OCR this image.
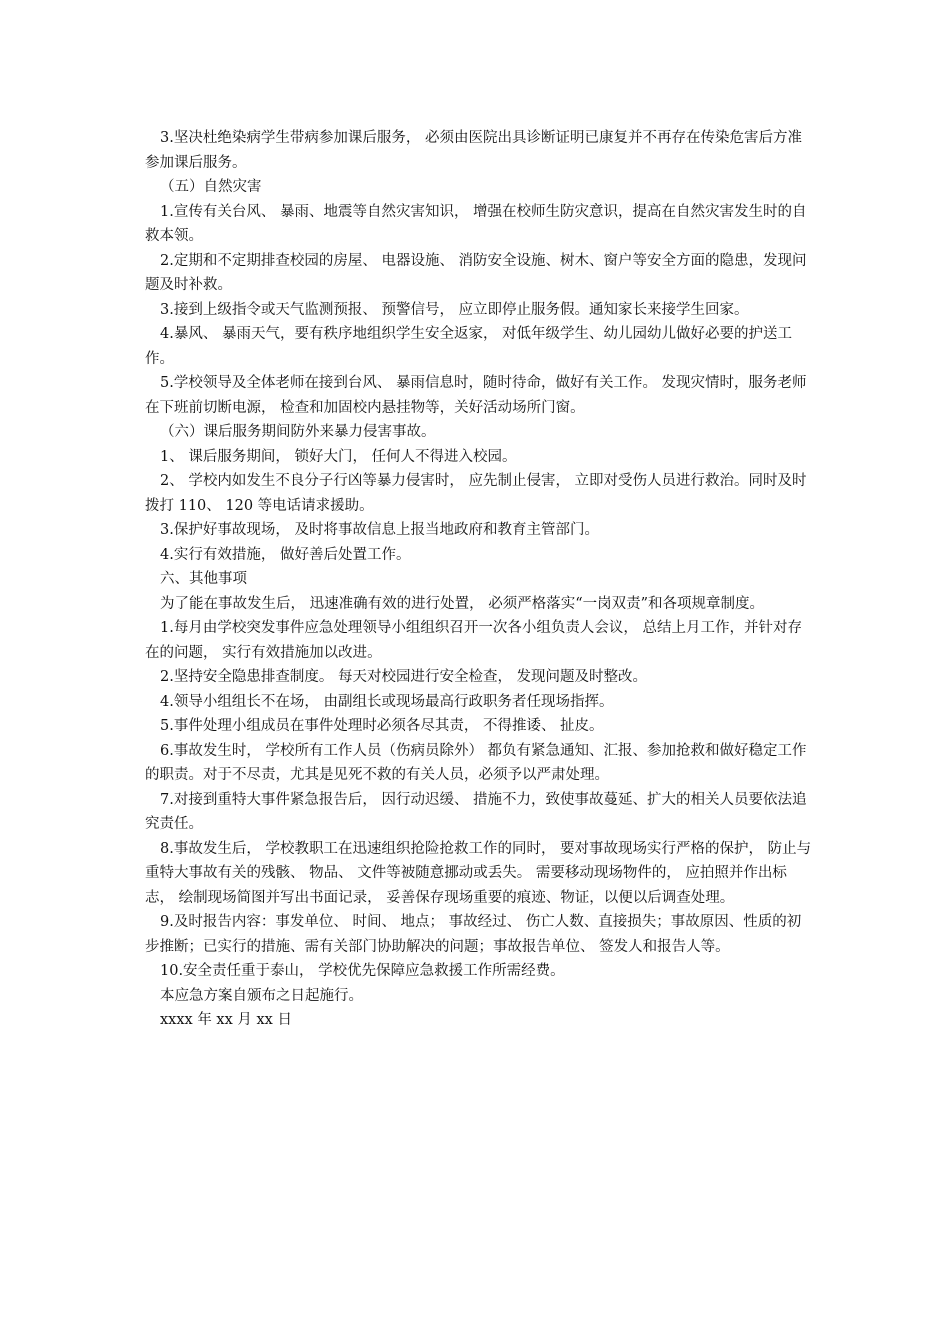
3.坚决杜绝染病学生带病参加课后服务， 必须由医院出具诊断证明已康复并不再存在传染危害后方准参加课后服务。

（五）自然灾害

1.宣传有关台风、 暴雨、地震等自然灾害知识， 增强在校师生防灾意识，提高在自然灾害发生时的自救本领。

2.定期和不定期排查校园的房屋、 电器设施、 消防安全设施、树木、窗户等安全方面的隐患，发现问题及时补救。

3.接到上级指令或天气监测预报、 预警信号， 应立即停止服务假。通知家长来接学生回家。

4.暴风、 暴雨天气，要有秩序地组织学生安全返家， 对低年级学生、幼儿园幼儿做好必要的护送工作。

5.学校领导及全体老师在接到台风、 暴雨信息时，随时待命，做好有关工作。 发现灾情时，服务老师在下班前切断电源， 检查和加固校内悬挂物等，关好活动场所门窗。

（六）课后服务期间防外来暴力侵害事故。

1、 课后服务期间， 锁好大门， 任何人不得进入校园。

2、 学校内如发生不良分子行凶等暴力侵害时， 应先制止侵害， 立即对受伤人员进行救治。同时及时拨打 110、 120 等电话请求援助。

3.保护好事故现场， 及时将事故信息上报当地政府和教育主管部门。

4.实行有效措施， 做好善后处置工作。

六、其他事项

为了能在事故发生后， 迅速准确有效的进行处置， 必须严格落实“一岗双责”和各项规章制度。

1.每月由学校突发事件应急处理领导小组组织召开一次各小组负责人会议， 总结上月工作，并针对存在的问题， 实行有效措施加以改进。

2.坚持安全隐患排查制度。 每天对校园进行安全检查， 发现问题及时整改。

4.领导小组组长不在场， 由副组长或现场最高行政职务者任现场指挥。

5.事件处理小组成员在事件处理时必须各尽其责， 不得推诿、 扯皮。

6.事故发生时， 学校所有工作人员（伤病员除外） 都负有紧急通知、汇报、参加抢救和做好稳定工作的职责。对于不尽责，尤其是见死不救的有关人员，必须予以严肃处理。

7.对接到重特大事件紧急报告后， 因行动迟缓、 措施不力，致使事故蔓延、扩大的相关人员要依法追究责任。

8.事故发生后， 学校教职工在迅速组织抢险抢救工作的同时， 要对事故现场实行严格的保护， 防止与重特大事故有关的残骸、 物品、 文件等被随意挪动或丢失。 需要移动现场物件的， 应拍照并作出标志， 绘制现场简图并写出书面记录， 妥善保存现场重要的痕迹、物证，以便以后调查处理。

9.及时报告内容：事发单位、 时间、 地点； 事故经过、 伤亡人数、直接损失；事故原因、性质的初步推断；已实行的措施、需有关部门协助解决的问题；事故报告单位、 签发人和报告人等。

10.安全责任重于泰山， 学校优先保障应急救援工作所需经费。

本应急方案自颁布之日起施行。

xxxx 年 xx 月 xx 日
